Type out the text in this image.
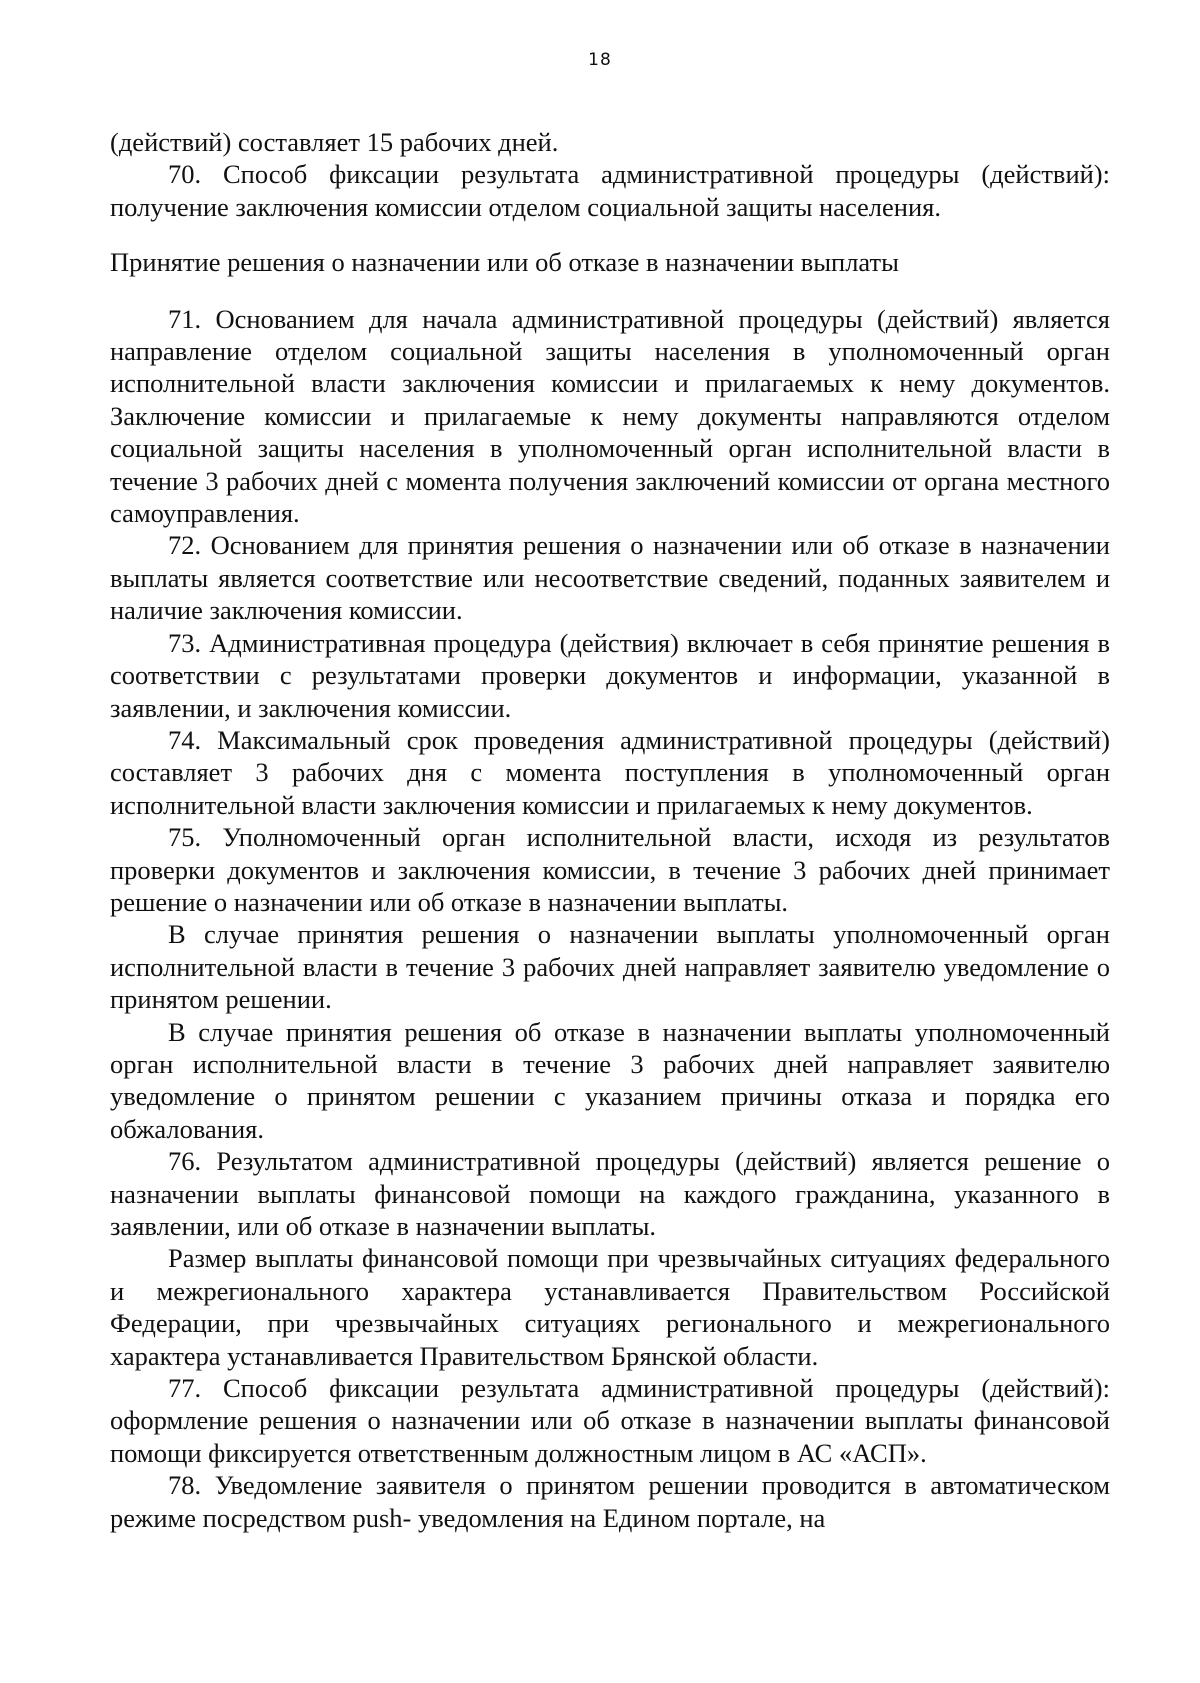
18

(действий) составляет 15 рабочих дней.

70. Способ фиксации результата административной процедуры (действий): получение заключения комиссии отделом социальной защиты населения.

Принятие решения о назначении или об отказе в назначении выплаты

71. Основанием для начала административной процедуры (действий) является направление отделом социальной защиты населения в уполномоченный орган исполнительной власти заключения комиссии и прилагаемых к нему документов. Заключение комиссии и прилагаемые к нему документы направляются отделом социальной защиты населения в уполномоченный орган исполнительной власти в течение 3 рабочих дней с момента получения заключений комиссии от органа местного самоуправления.

72. Основанием для принятия решения о назначении или об отказе в назначении выплаты является соответствие или несоответствие сведений, поданных заявителем и наличие заключения комиссии.

73. Административная процедура (действия) включает в себя принятие решения в соответствии с результатами проверки документов и информации, указанной в заявлении, и заключения комиссии.

74. Максимальный срок проведения административной процедуры (действий) составляет 3 рабочих дня с момента поступления в уполномоченный орган исполнительной власти заключения комиссии и прилагаемых к нему документов.

75. Уполномоченный орган исполнительной власти, исходя из результатов проверки документов и заключения комиссии, в течение 3 рабочих дней принимает решение о назначении или об отказе в назначении выплаты.

В случае принятия решения о назначении выплаты уполномоченный орган исполнительной власти в течение 3 рабочих дней направляет заявителю уведомление о принятом решении.

В случае принятия решения об отказе в назначении выплаты уполномоченный орган исполнительной власти в течение 3 рабочих дней направляет заявителю уведомление о принятом решении с указанием причины отказа и порядка его обжалования.

76. Результатом административной процедуры (действий) является решение о назначении выплаты финансовой помощи на каждого гражданина, указанного в заявлении, или об отказе в назначении выплаты.

Размер выплаты финансовой помощи при чрезвычайных ситуациях федерального и межрегионального характера устанавливается Правительством Российской Федерации, при чрезвычайных ситуациях регионального и межрегионального характера устанавливается Правительством Брянской области.

77. Способ фиксации результата административной процедуры (действий): оформление решения о назначении или об отказе в назначении выплаты финансовой помощи фиксируется ответственным должностным лицом в АС «АСП».

78. Уведомление заявителя о принятом решении проводится в автоматическом режиме посредством push- уведомления на Едином портале, на
